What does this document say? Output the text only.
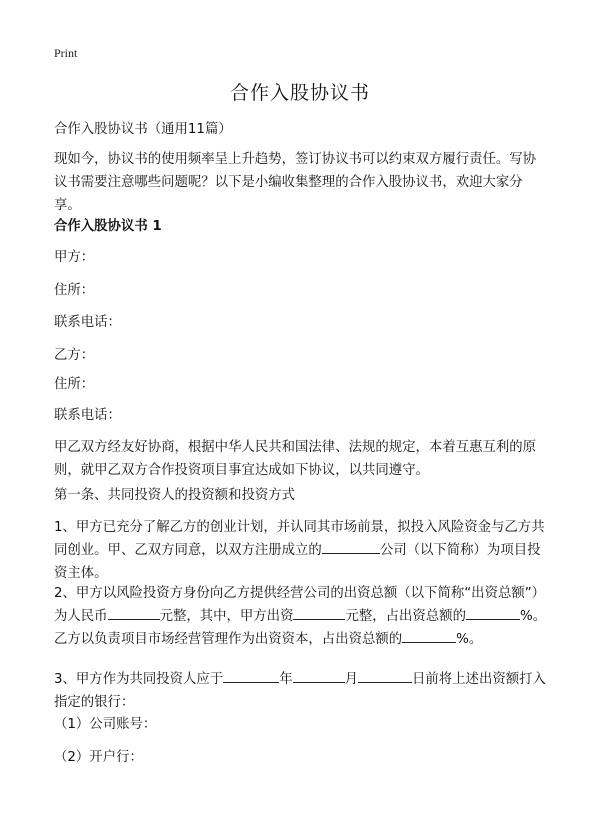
Print
合作入股协议书
合作入股协议书（通用11篇）
现如今，协议书的使用频率呈上升趋势，签订协议书可以约束双方履行责任。写协议书需要注意哪些问题呢？以下是小编收集整理的合作入股协议书，欢迎大家分享。
合作入股协议书 1
甲方：
住所：
联系电话：
乙方：
住所：
联系电话：
甲乙双方经友好协商，根据中华人民共和国法律、法规的规定，本着互惠互利的原则，就甲乙双方合作投资项目事宜达成如下协议，以共同遵守。
第一条、共同投资人的投资额和投资方式
1、甲方已充分了解乙方的创业计划，并认同其市场前景，拟投入风险资金与乙方共同创业。甲、乙双方同意，以双方注册成立的	公司（以下简称）为项目投资主体。
2、甲方以风险投资方身份向乙方提供经营公司的出资总额（以下简称“出资总额”）为人民币	元整，其中，甲方出资	元整，占出资总额的	%。乙方以负责项目市场经营管理作为出资资本，占出资总额的	%。
3、甲方作为共同投资人应于	年	月	日前将上述出资额打入指定的银行：
（1）公司账号：
（2）开户行：
